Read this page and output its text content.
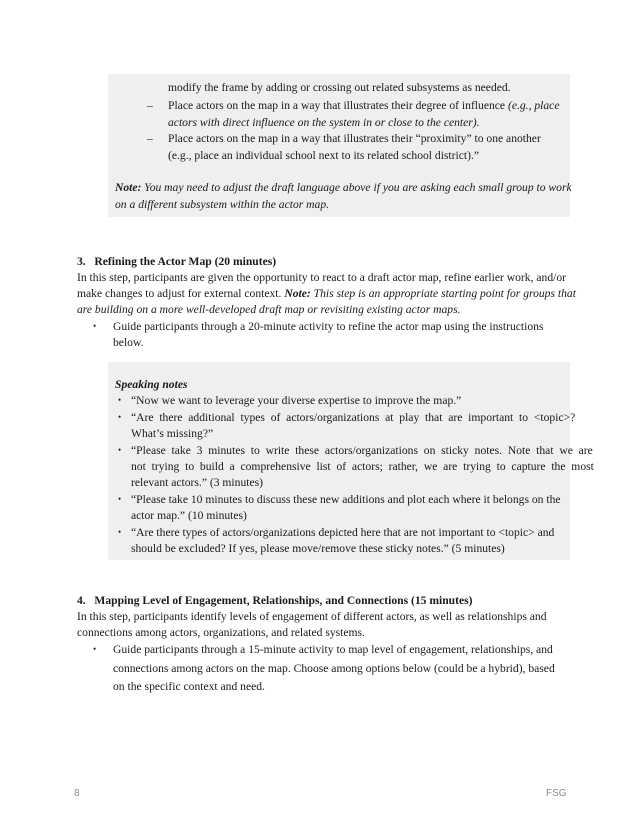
modify the frame by adding or crossing out related subsystems as needed.
– Place actors on the map in a way that illustrates their degree of influence (e.g., place
actors with direct influence on the system in or close to the center).
– Place actors on the map in a way that illustrates their “proximity” to one another
(e.g., place an individual school next to its related school district).”
Note: You may need to adjust the draft language above if you are asking each small group to work
on a different subsystem within the actor map.
3.   Refining the Actor Map (20 minutes)
In this step, participants are given the opportunity to react to a draft actor map, refine earlier work, and/or
make changes to adjust for external context. Note: This step is an appropriate starting point for groups that
are building on a more well-developed draft map or revisiting existing actor maps.
• Guide participants through a 20-minute activity to refine the actor map using the instructions
below.
Speaking notes
• “Now we want to leverage your diverse expertise to improve the map.”
• “Are  there  additional  types  of  actors/organizations  at  play  that  are  important  to  <topic>?
What’s missing?”
• “Please  take  3  minutes  to  write  these  actors/organizations  on  sticky  notes.  Note  that  we  are
not  trying  to  build  a  comprehensive  list  of  actors;  rather,  we  are  trying  to  capture  the  most
relevant actors.” (3 minutes)
• “Please take 10 minutes to discuss these new additions and plot each where it belongs on the
actor map.” (10 minutes)
• “Are there types of actors/organizations depicted here that are not important to <topic> and
should be excluded? If yes, please move/remove these sticky notes.” (5 minutes)
4.   Mapping Level of Engagement, Relationships, and Connections (15 minutes)
In this step, participants identify levels of engagement of different actors, as well as relationships and
connections among actors, organizations, and related systems.
• Guide participants through a 15-minute activity to map level of engagement, relationships, and
connections among actors on the map. Choose among options below (could be a hybrid), based
on the specific context and need.
8	FSG
